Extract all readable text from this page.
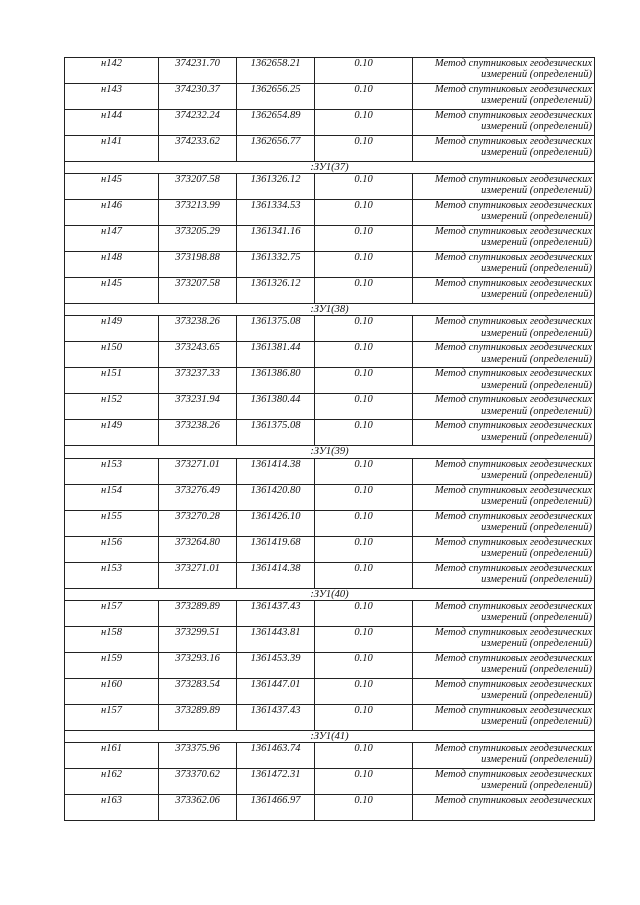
н142	374231.70	1362658.21	0.10	Метод спутниковых геодезических
измерений (определений)

н143	374230.37	1362656.25	0.10	Метод спутниковых геодезических
измерений (определений)

н144	374232.24	1362654.89	0.10	Метод спутниковых геодезических
измерений (определений)

н141	374233.62	1362656.77	0.10	Метод спутниковых геодезических
измерений (определений)

:ЗУ1(37)				
н145	373207.58	1361326.12	0.10	Метод спутниковых геодезических
измерений (определений)

н146	373213.99	1361334.53	0.10	Метод спутниковых геодезических
измерений (определений)

н147	373205.29	1361341.16	0.10	Метод спутниковых геодезических
измерений (определений)

н148	373198.88	1361332.75	0.10	Метод спутниковых геодезических
измерений (определений)

н145	373207.58	1361326.12	0.10	Метод спутниковых геодезических
измерений (определений)

:ЗУ1(38)				
н149	373238.26	1361375.08	0.10	Метод спутниковых геодезических
измерений (определений)

н150	373243.65	1361381.44	0.10	Метод спутниковых геодезических
измерений (определений)

н151	373237.33	1361386.80	0.10	Метод спутниковых геодезических
измерений (определений)

н152	373231.94	1361380.44	0.10	Метод спутниковых геодезических
измерений (определений)

н149	373238.26	1361375.08	0.10	Метод спутниковых геодезических
измерений (определений)

:ЗУ1(39)				
н153	373271.01	1361414.38	0.10	Метод спутниковых геодезических
измерений (определений)

н154	373276.49	1361420.80	0.10	Метод спутниковых геодезических
измерений (определений)

н155	373270.28	1361426.10	0.10	Метод спутниковых геодезических
измерений (определений)

н156	373264.80	1361419.68	0.10	Метод спутниковых геодезических
измерений (определений)

н153	373271.01	1361414.38	0.10	Метод спутниковых геодезических
измерений (определений)

:ЗУ1(40)				
н157	373289.89	1361437.43	0.10	Метод спутниковых геодезических
измерений (определений)

н158	373299.51	1361443.81	0.10	Метод спутниковых геодезических
измерений (определений)

н159	373293.16	1361453.39	0.10	Метод спутниковых геодезических
измерений (определений)

н160	373283.54	1361447.01	0.10	Метод спутниковых геодезических
измерений (определений)

н157	373289.89	1361437.43	0.10	Метод спутниковых геодезических
измерений (определений)

:ЗУ1(41)				
н161	373375.96	1361463.74	0.10	Метод спутниковых геодезических
измерений (определений)

н162	373370.62	1361472.31	0.10	Метод спутниковых геодезических
измерений (определений)

н163	373362.06	1361466.97	0.10	Метод спутниковых геодезических
